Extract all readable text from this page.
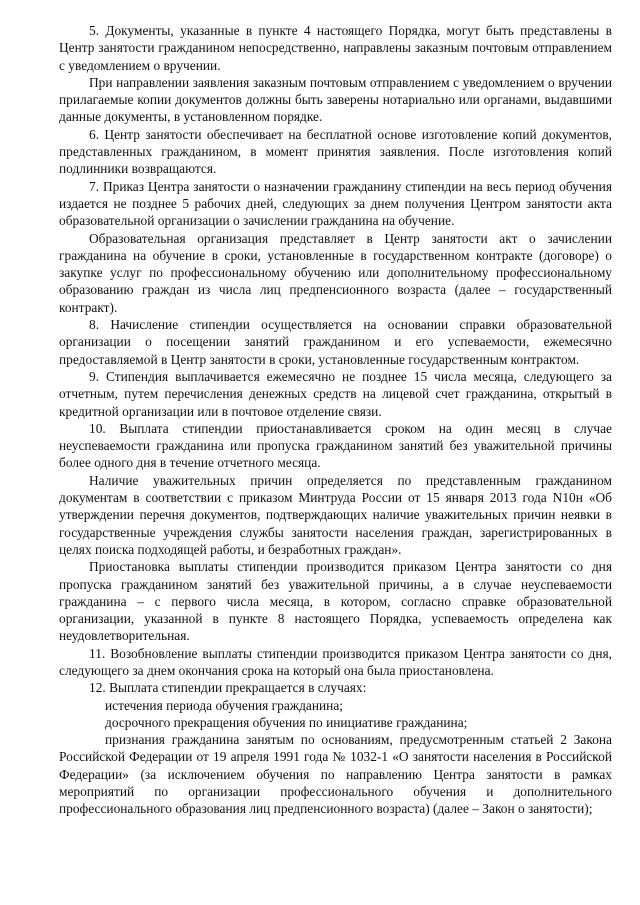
5. Документы, указанные в пункте 4 настоящего Порядка, могут быть представлены в Центр занятости гражданином непосредственно, направлены заказным почтовым отправлением с уведомлением о вручении.

При направлении заявления заказным почтовым отправлением с уведомлением о вручении прилагаемые копии документов должны быть заверены нотариально или органами, выдавшими данные документы, в установленном порядке.

6. Центр занятости обеспечивает на бесплатной основе изготовление копий документов, представленных гражданином, в момент принятия заявления. После изготовления копий подлинники возвращаются.

7. Приказ Центра занятости о назначении гражданину стипендии на весь период обучения издается не позднее 5 рабочих дней, следующих за днем получения Центром занятости акта образовательной организации о зачислении гражданина на обучение.

Образовательная организация представляет в Центр занятости акт о зачислении гражданина на обучение в сроки, установленные в государственном контракте (договоре) о закупке услуг по профессиональному обучению или дополнительному профессиональному образованию граждан из числа лиц предпенсионного возраста (далее – государственный контракт).

8. Начисление стипендии осуществляется на основании справки образовательной организации о посещении занятий гражданином и его успеваемости, ежемесячно предоставляемой в Центр занятости в сроки, установленные государственным контрактом.

9. Стипендия выплачивается ежемесячно не позднее 15 числа месяца, следующего за отчетным, путем перечисления денежных средств на лицевой счет гражданина, открытый в кредитной организации или в почтовое отделение связи.

10. Выплата стипендии приостанавливается сроком на один месяц в случае неуспеваемости гражданина или пропуска гражданином занятий без уважительной причины более одного дня в течение отчетного месяца.

Наличие уважительных причин определяется по представленным гражданином документам в соответствии с приказом Минтруда России от 15 января 2013 года N10н «Об утверждении перечня документов, подтверждающих наличие уважительных причин неявки в государственные учреждения службы занятости населения граждан, зарегистрированных в целях поиска подходящей работы, и безработных граждан».

Приостановка выплаты стипендии производится приказом Центра занятости со дня пропуска гражданином занятий без уважительной причины, а в случае неуспеваемости гражданина – с первого числа месяца, в котором, согласно справке образовательной организации, указанной в пункте 8 настоящего Порядка, успеваемость определена как неудовлетворительная.

11. Возобновление выплаты стипендии производится приказом Центра занятости со дня, следующего за днем окончания срока на который она была приостановлена.

12. Выплата стипендии прекращается в случаях:

истечения периода обучения гражданина;

досрочного прекращения обучения по инициативе гражданина;

признания гражданина занятым по основаниям, предусмотренным статьей 2 Закона Российской Федерации от 19 апреля 1991 года № 1032-1 «О занятости населения в Российской Федерации» (за исключением обучения по направлению Центра занятости в рамках мероприятий по организации профессионального обучения и дополнительного профессионального образования лиц предпенсионного возраста) (далее – Закон о занятости);
